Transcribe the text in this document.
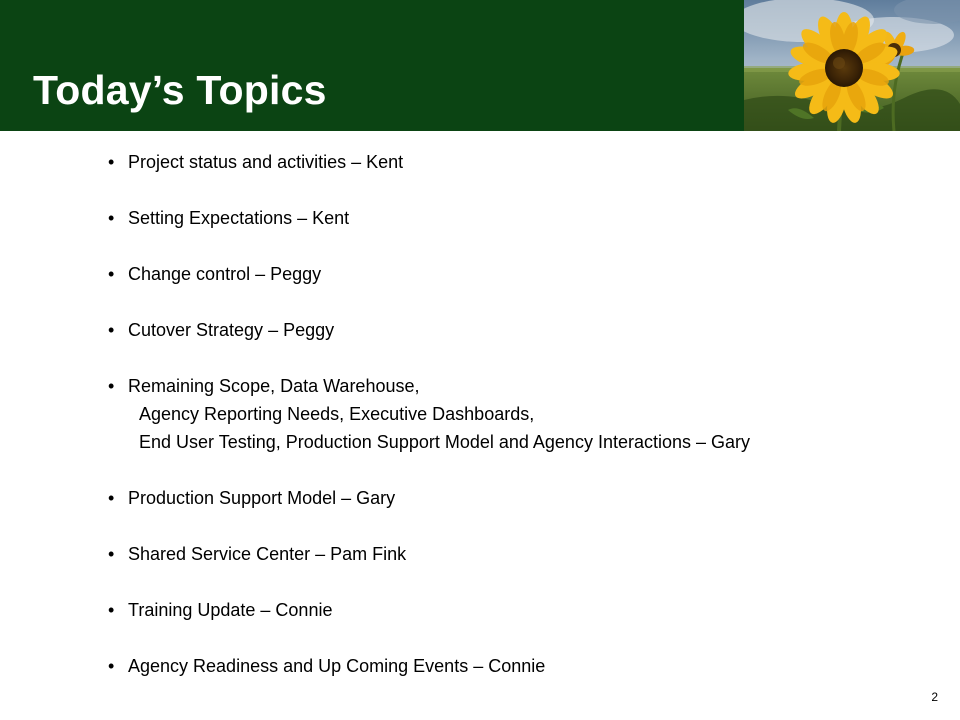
Today’s Topics
• Project status and activities – Kent
• Setting Expectations – Kent
• Change control – Peggy
• Cutover Strategy – Peggy
• Remaining Scope, Data Warehouse,
Agency Reporting Needs, Executive Dashboards,
End User Testing, Production Support Model and Agency Interactions – Gary
• Production Support Model – Gary
• Shared Service Center – Pam Fink
• Training Update – Connie
• Agency Readiness and Up Coming Events – Connie
2
